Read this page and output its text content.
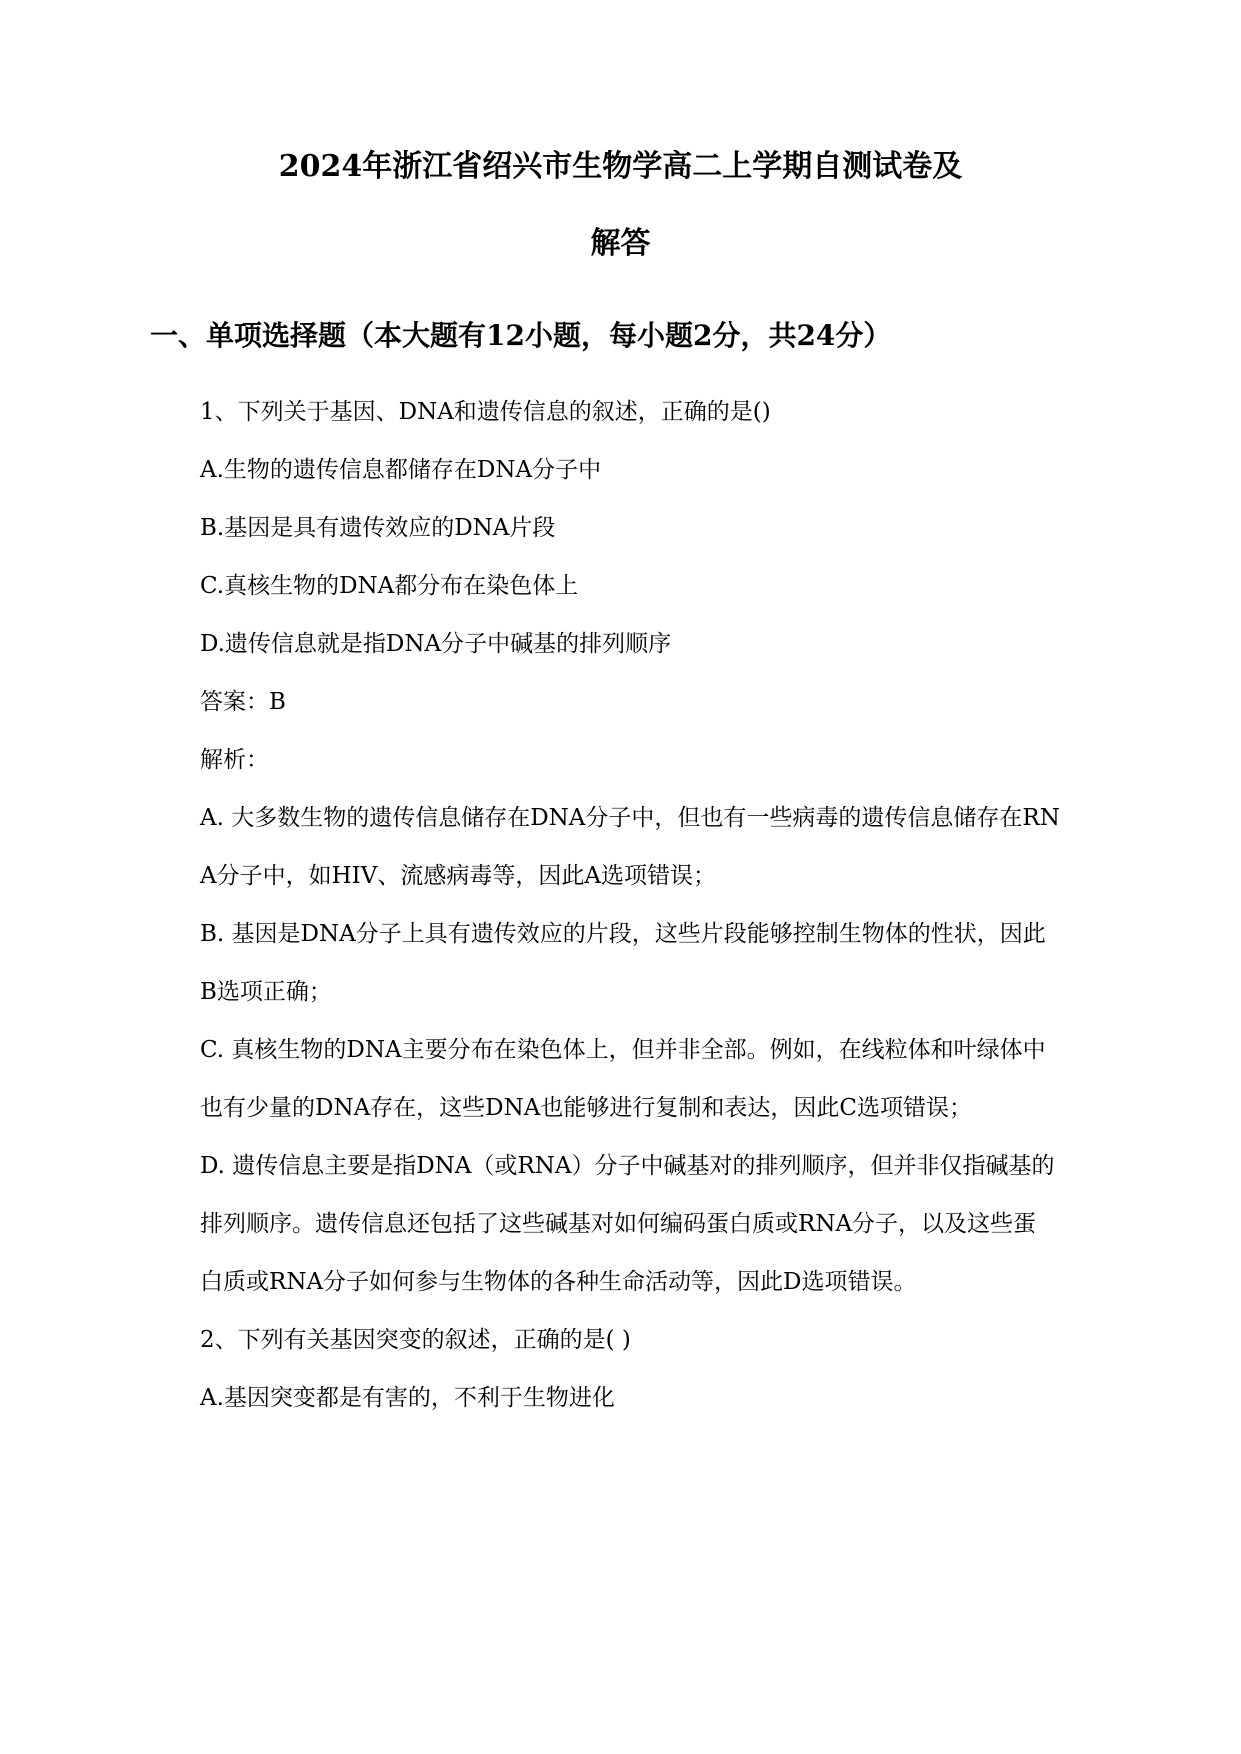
2024年浙江省绍兴市生物学高二上学期自测试卷及
解答
一、单项选择题（本大题有12小题，每小题2分，共24分）
1、下列关于基因、DNA和遗传信息的叙述，正确的是()
A.生物的遗传信息都储存在DNA分子中
B.基因是具有遗传效应的DNA片段
C.真核生物的DNA都分布在染色体上
D.遗传信息就是指DNA分子中碱基的排列顺序
答案：B
解析：
A. 大多数生物的遗传信息储存在DNA分子中，但也有一些病毒的遗传信息储存在RN
A分子中，如HIV、流感病毒等，因此A选项错误；
B. 基因是DNA分子上具有遗传效应的片段，这些片段能够控制生物体的性状，因此
B选项正确；
C. 真核生物的DNA主要分布在染色体上，但并非全部。例如，在线粒体和叶绿体中
也有少量的DNA存在，这些DNA也能够进行复制和表达，因此C选项错误；
D. 遗传信息主要是指DNA（或RNA）分子中碱基对的排列顺序，但并非仅指碱基的
排列顺序。遗传信息还包括了这些碱基对如何编码蛋白质或RNA分子，以及这些蛋
白质或RNA分子如何参与生物体的各种生命活动等，因此D选项错误。
2、下列有关基因突变的叙述，正确的是( )
A.基因突变都是有害的，不利于生物进化
